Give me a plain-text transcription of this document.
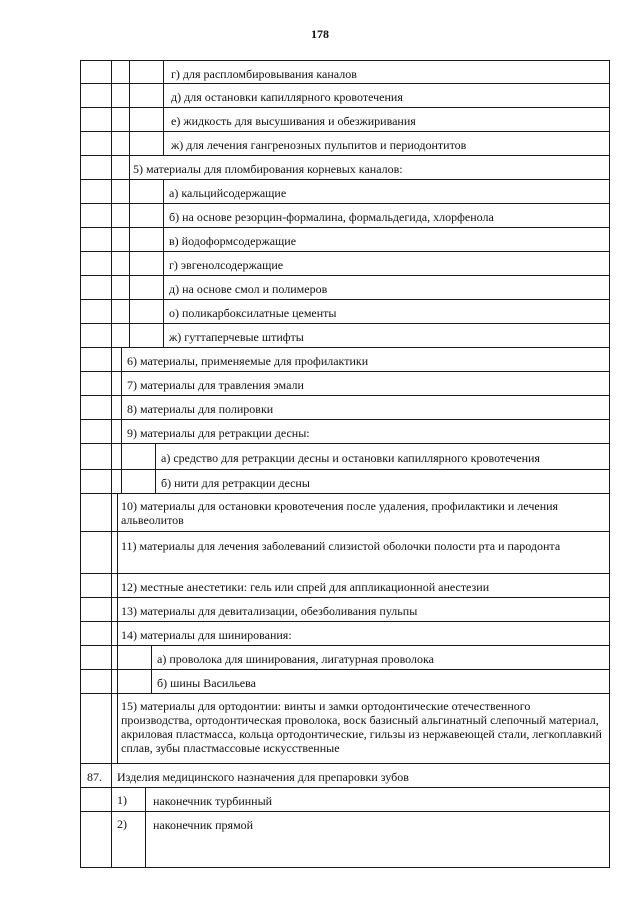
178
г) для распломбировывания каналов
д) для остановки капиллярного кровотечения
е) жидкость для высушивания и обезжиривания
ж) для лечения гангренозных пульпитов и периодонтитов
5) материалы для пломбирования корневых каналов:
а) кальцийсодержащие
б) на основе резорцин-формалина, формальдегида, хлорфенола
в) йодоформсодержащие
г) эвгенолсодержащие
д) на основе смол и полимеров
о) поликарбоксилатные цементы
ж) гуттаперчевые штифты
6) материалы, применяемые для профилактики
7) материалы для травления эмали
8) материалы для полировки
9) материалы для ретракции десны:
а) средство для ретракции десны и остановки капиллярного кровотечения
б) нити для ретракции десны
10) материалы для остановки кровотечения после удаления, профилактики и лечения альвеолитов
11) материалы для лечения заболеваний слизистой оболочки полости рта и пародонта
12) местные анестетики: гель или спрей для аппликационной анестезии
13) материалы для девитализации, обезболивания пульпы
14) материалы для шинирования:
а) проволока для шинирования, лигатурная проволока
б) шины Васильева
15) материалы для ортодонтии: винты и замки ортодонтические отечественного производства, ортодонтическая проволока, воск базисный альгинатный слепочный материал, акриловая пластмасса, кольца ортодонтические, гильзы из нержавеющей стали, легкоплавкий сплав, зубы пластмассовые искусственные
87. Изделия медицинского назначения для препаровки зубов
1) наконечник турбинный
2) наконечник прямой
